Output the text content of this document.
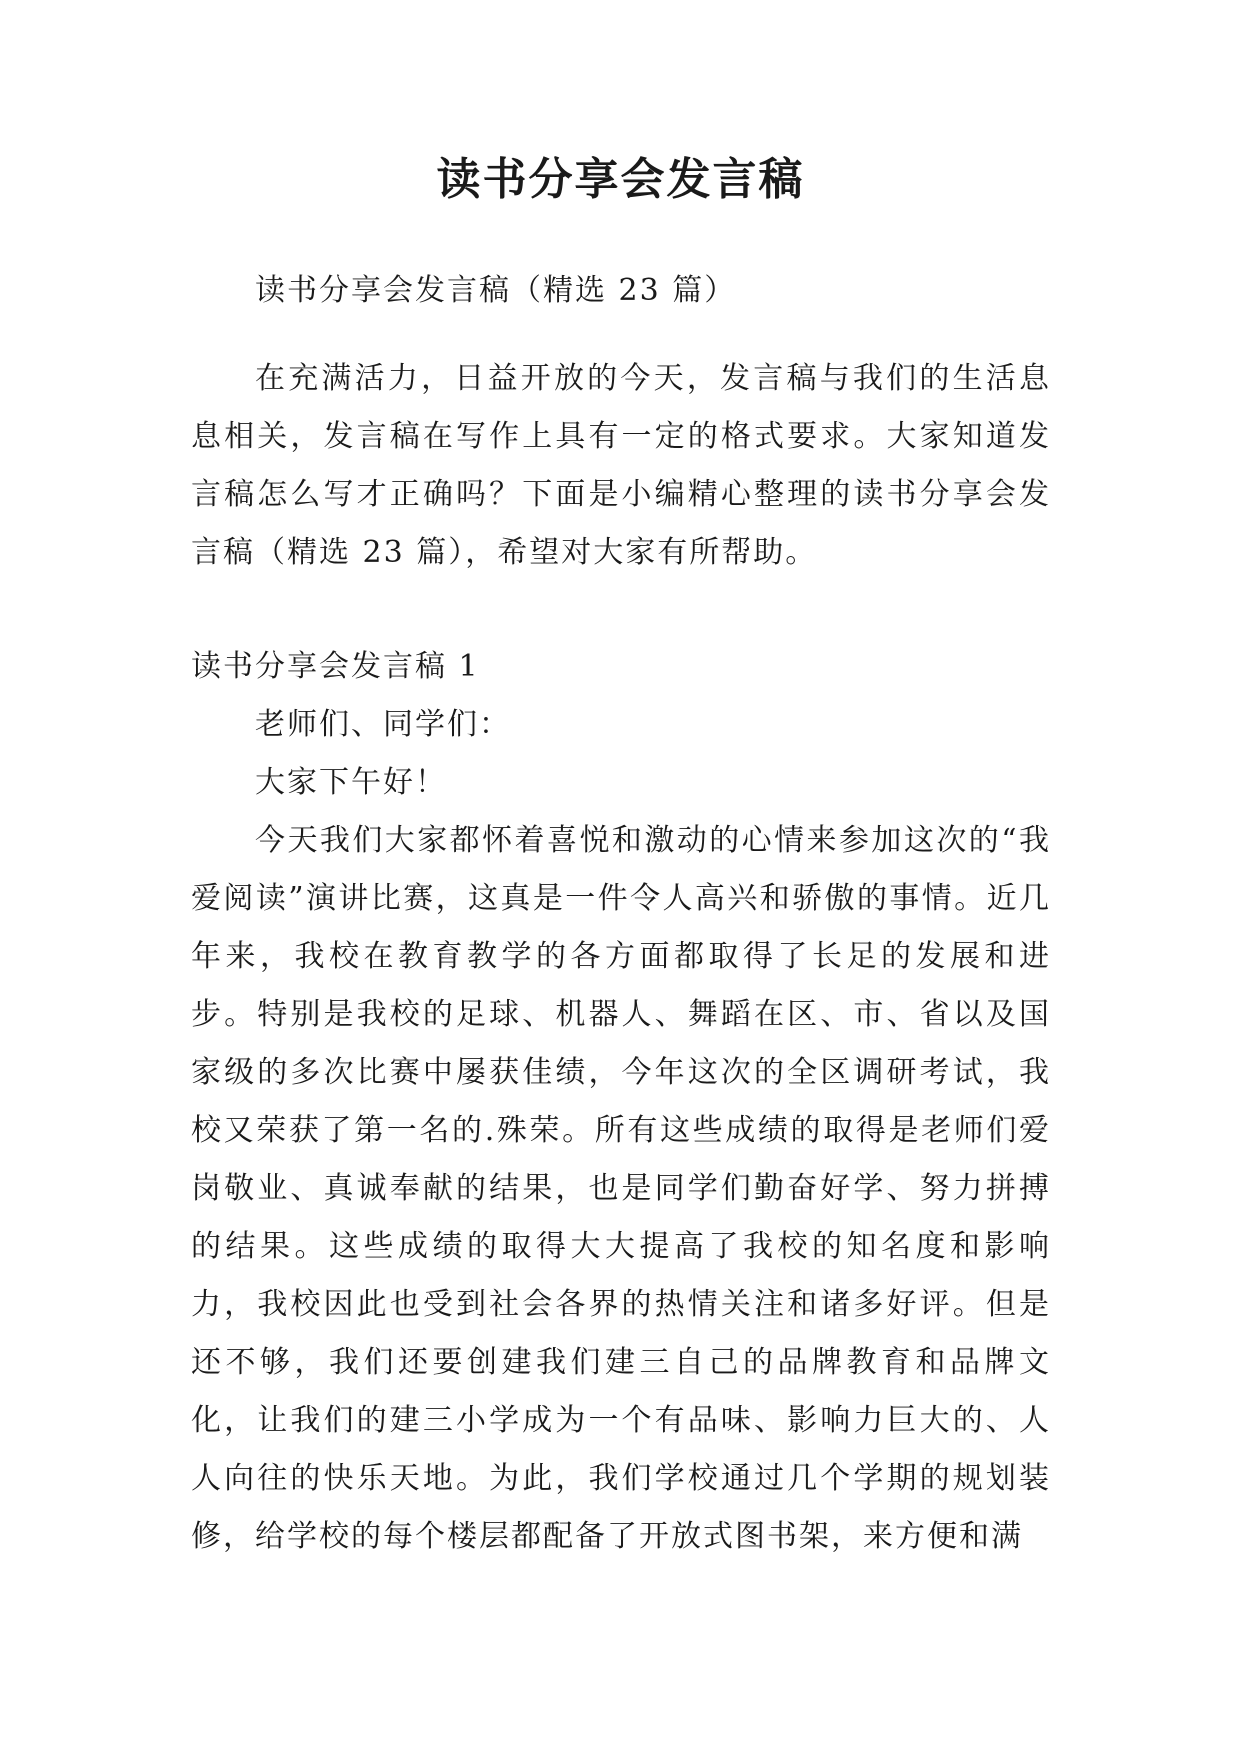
读书分享会发言稿

读书分享会发言稿（精选 23 篇）

在充满活力，日益开放的今天，发言稿与我们的生活息息相关，发言稿在写作上具有一定的格式要求。大家知道发言稿怎么写才正确吗？下面是小编精心整理的读书分享会发言稿（精选 23 篇），希望对大家有所帮助。

读书分享会发言稿 1

老师们、同学们：

大家下午好！

今天我们大家都怀着喜悦和激动的心情来参加这次的“我爱阅读”演讲比赛，这真是一件令人高兴和骄傲的事情。近几年来，我校在教育教学的各方面都取得了长足的发展和进步。特别是我校的足球、机器人、舞蹈在区、市、省以及国家级的多次比赛中屡获佳绩，今年这次的全区调研考试，我校又荣获了第一名的.殊荣。所有这些成绩的取得是老师们爱岗敬业、真诚奉献的结果，也是同学们勤奋好学、努力拼搏的结果。这些成绩的取得大大提高了我校的知名度和影响力，我校因此也受到社会各界的热情关注和诸多好评。但是还不够，我们还要创建我们建三自己的品牌教育和品牌文化，让我们的建三小学成为一个有品味、影响力巨大的、人人向往的快乐天地。为此，我们学校通过几个学期的规划装修，给学校的每个楼层都配备了开放式图书架，来方便和满
